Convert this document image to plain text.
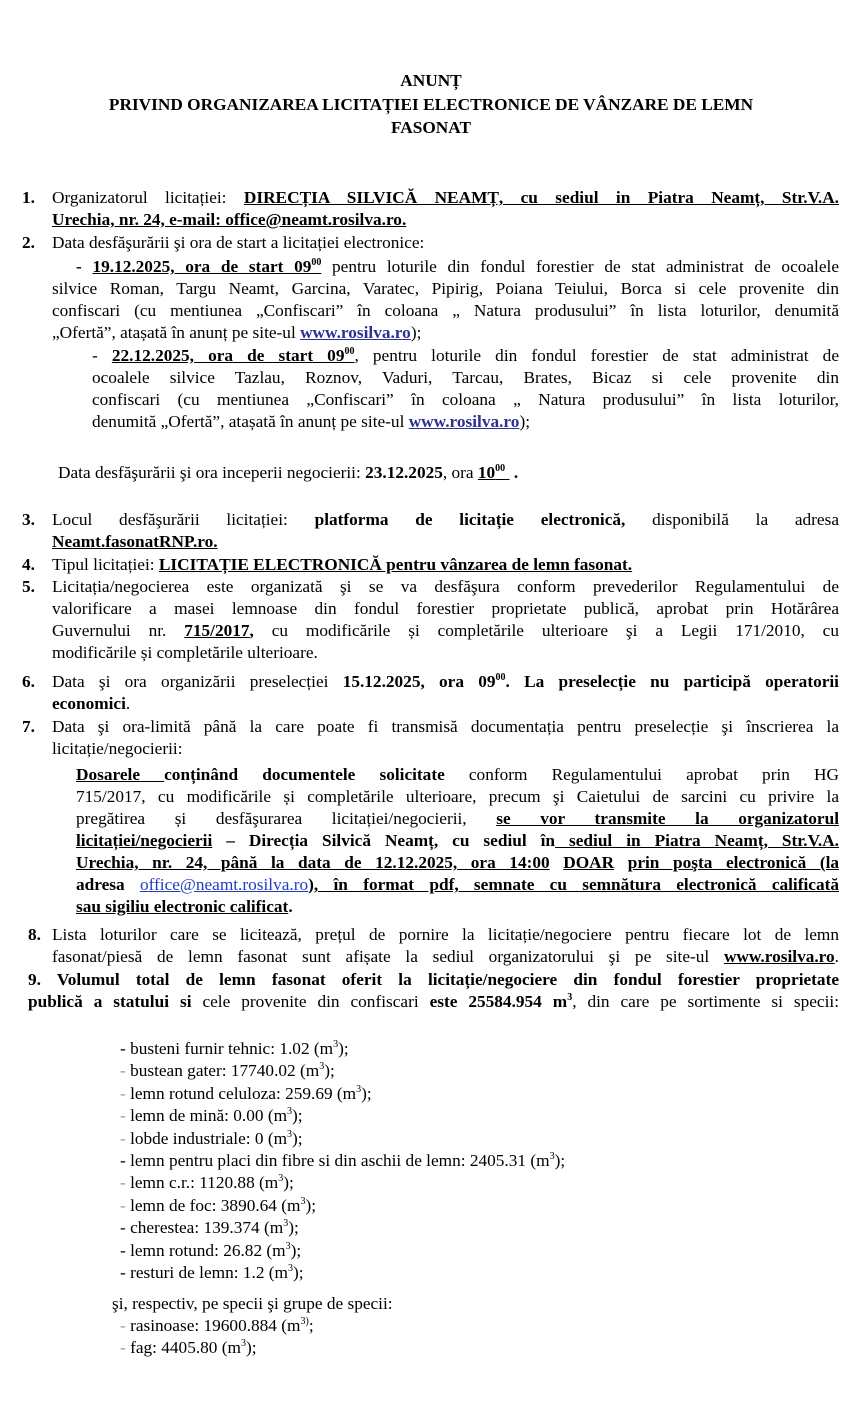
ANUNȚ
PRIVIND ORGANIZAREA LICITAȚIEI ELECTRONICE DE VÂNZARE DE LEMN
FASONAT
1. Organizatorul licitației: DIRECȚIA SILVICĂ NEAMȚ, cu sediul in Piatra Neamț, Str.V.A.
Urechia, nr. 24, e-mail: office@neamt.rosilva.ro.
2. Data desfăşurării şi ora de start a licitației electronice:
- 19.12.2025, ora de start $09^{00}$ pentru loturile din fondul forestier de stat administrat de ocoalele
silvice Roman, Targu Neamt, Garcina, Varatec, Pipirig, Poiana Teiului, Borca si cele provenite din
confiscari (cu mentiunea „Confiscari” în coloana „ Natura produsului” în lista loturilor, denumită
„Ofertă”, atașată în anunț pe site-ul www.rosilva.ro);
- 22.12.2025, ora de start $09^{00}$, pentru loturile din fondul forestier de stat administrat de
ocoalele silvice Tazlau, Roznov, Vaduri, Tarcau, Brates, Bicaz si cele provenite din
confiscari (cu mentiunea „Confiscari” în coloana „ Natura produsului” în lista loturilor,
denumită „Ofertă”, atașată în anunț pe site-ul www.rosilva.ro);
Data desfăşurării şi ora inceperii negocierii: 23.12.2025, ora $10^{00}$  .
3. Locul desfăşurării licitației: platforma de licitație electronică, disponibilă la adresa
Neamt.fasonatRNP.ro.
4. Tipul licitației: LICITAȚIE ELECTRONICĂ pentru vânzarea de lemn fasonat.
5. Licitația/negocierea este organizată şi se va desfăşura conform prevederilor Regulamentului de
valorificare a masei lemnoase din fondul forestier proprietate publică, aprobat prin Hotărârea
Guvernului nr. 715/2017, cu modificările și completările ulterioare şi a Legii 171/2010, cu
modificările și completările ulterioare.
6. Data şi ora organizării preselecției 15.12.2025, ora $09^{00}$. La preselecție nu participă operatorii
economici.
7. Data şi ora-limită până la care poate fi transmisă documentația pentru preselecție şi înscrierea la
licitație/negocierii:
Dosarele conținând documentele solicitate conform Regulamentului aprobat prin HG
715/2017, cu modificările și completările ulterioare, precum şi Caietului de sarcini cu privire la
pregătirea și desfăşurarea licitației/negocierii, se vor transmite la organizatorul
licitației/negocierii – Direcția Silvică Neamț, cu sediul în sediul in Piatra Neamț, Str.V.A.
Urechia, nr. 24, până la data de 12.12.2025, ora 14:00 DOAR prin poşta electronică (la
adresa office@neamt.rosilva.ro), în format pdf, semnate cu semnătura electronică calificată
sau sigiliu electronic calificat.
8. Lista loturilor care se licitează, prețul de pornire la licitație/negociere pentru fiecare lot de lemn
fasonat/piesă de lemn fasonat sunt afișate la sediul organizatorului şi pe site-ul www.rosilva.ro.
9. Volumul total de lemn fasonat oferit la licitație/negociere din fondul forestier proprietate
publică a statului si cele provenite din confiscari este 25584.954 $m^3$, din care pe sortimente si specii:
- busteni furnir tehnic: 1.02 $(m^3)$;
- bustean gater: 17740.02 $(m^3)$;
- lemn rotund celuloza: 259.69 $(m^3)$;
- lemn de mină: 0.00 $(m^3)$;
- lobde industriale: 0 $(m^3)$;
- lemn pentru placi din fibre si din aschii de lemn: 2405.31 $(m^3)$;
- lemn c.r.: 1120.88 $(m^3)$;
- lemn de foc: 3890.64 $(m^3)$;
- cherestea: 139.374 $(m^3)$;
- lemn rotund: 26.82 $(m^3)$;
- resturi de lemn: 1.2 $(m^3)$;
şi, respectiv, pe specii şi grupe de specii:
- rasinoase: 19600.884 ($m^{3)}$;
- fag: 4405.80 $(m^3)$;
